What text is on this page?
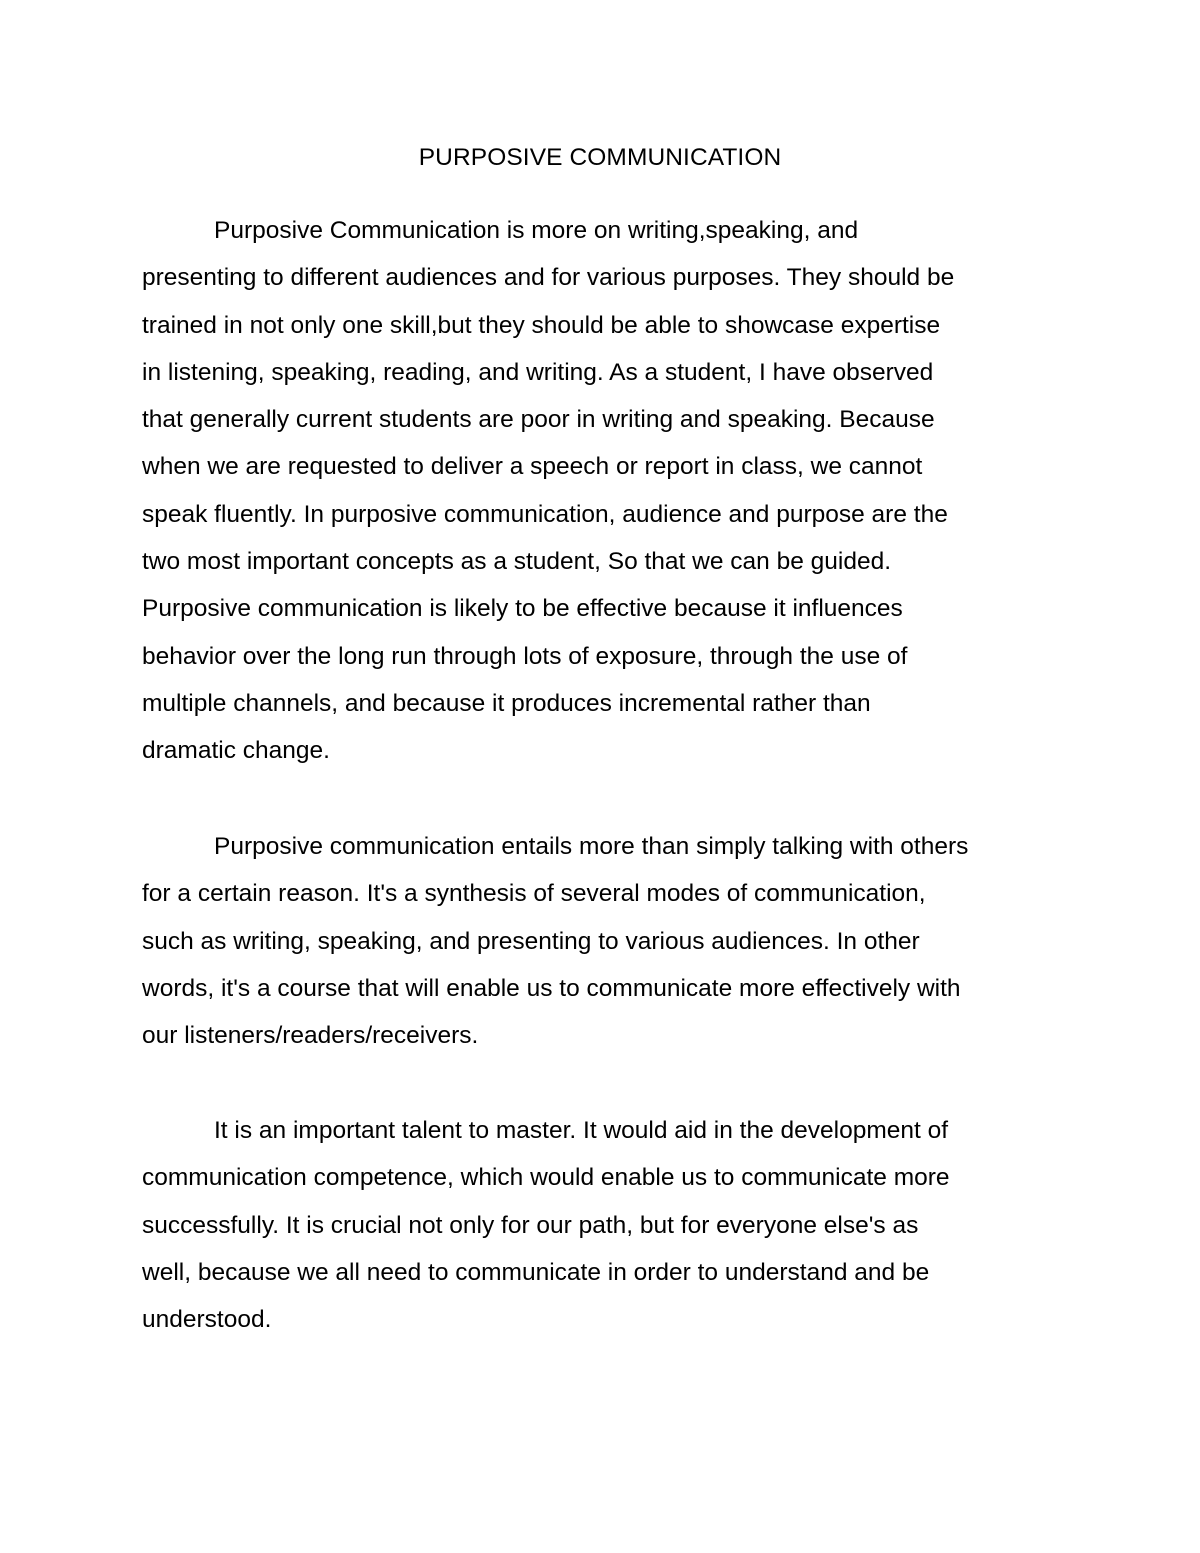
PURPOSIVE COMMUNICATION
Purposive Communication is more on writing,speaking, and
presenting to different audiences and for various purposes. They should be
trained in not only one skill,but they should be able to showcase expertise
in listening, speaking, reading, and writing. As a student, I have observed
that generally current students are poor in writing and speaking. Because
when we are requested to deliver a speech or report in class, we cannot
speak fluently. In purposive communication, audience and purpose are the
two most important concepts as a student, So that we can be guided.
Purposive communication is likely to be effective because it influences
behavior over the long run through lots of exposure, through the use of
multiple channels, and because it produces incremental rather than
dramatic change.
Purposive communication entails more than simply talking with others
for a certain reason. It's a synthesis of several modes of communication,
such as writing, speaking, and presenting to various audiences. In other
words, it's a course that will enable us to communicate more effectively with
our listeners/readers/receivers.
It is an important talent to master. It would aid in the development of
communication competence, which would enable us to communicate more
successfully. It is crucial not only for our path, but for everyone else's as
well, because we all need to communicate in order to understand and be
understood.
